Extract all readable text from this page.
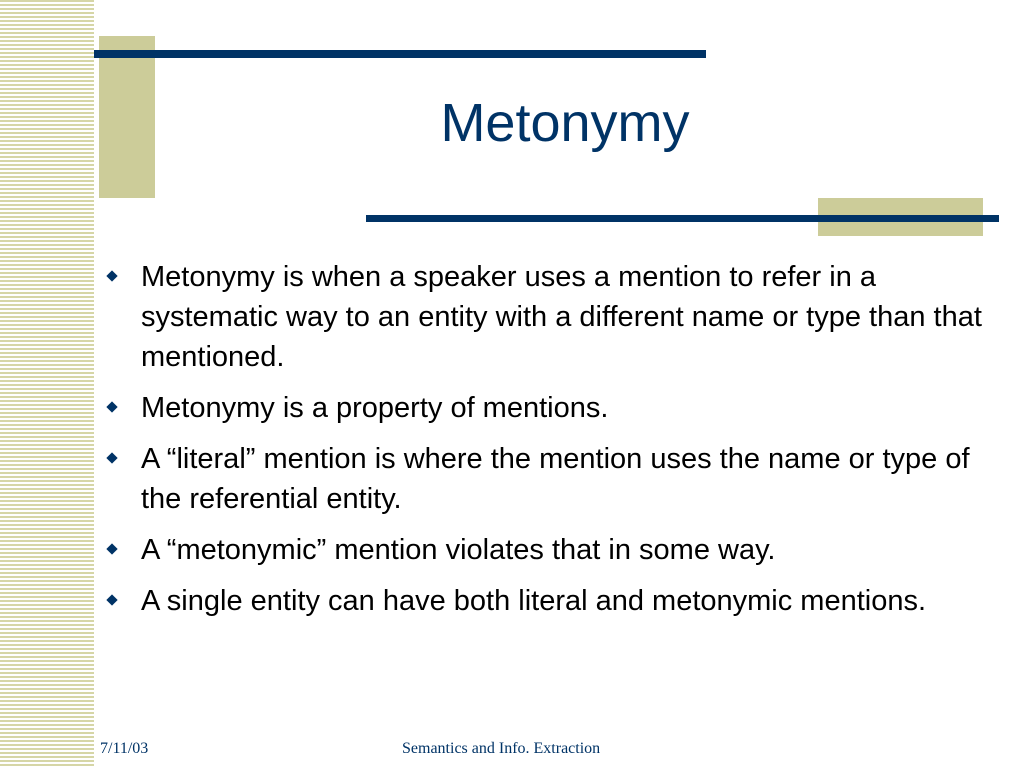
Metonymy
Metonymy is when a speaker uses a mention to refer in a systematic way to an entity with a different name or type than that mentioned.
Metonymy is a property of mentions.
A “literal” mention is where the mention uses the name or type of the referential entity.
A “metonymic” mention violates that in some way.
A single entity can have both literal and metonymic mentions.
7/11/03	Semantics and Info. Extraction
